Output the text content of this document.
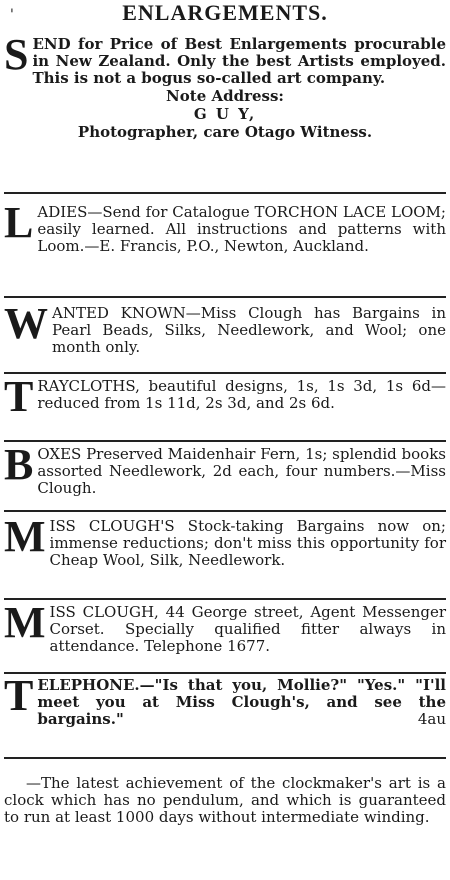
'	ENLARGEMENTS.

SEND for Price of Best Enlargements procurable in New Zealand. Only the best Artists employed. This is not a bogus so-called art company.

Note Address:

G U Y,

Photographer, care Otago Witness.

LADIES—Send for Catalogue TORCHON LACE LOOM; easily learned. All instructions and patterns with Loom.—E. Francis, P.O., Newton, Auckland.

WANTED KNOWN—Miss Clough has Bargains in Pearl Beads, Silks, Needlework, and Wool; one month only.

TRAYCLOTHS, beautiful designs, 1s, 1s 3d, 1s 6d—reduced from 1s 11d, 2s 3d, and 2s 6d.

BOXES Preserved Maidenhair Fern, 1s; splendid books assorted Needlework, 2d each, four numbers.—Miss Clough.

MISS CLOUGH'S Stock-taking Bargains now on; immense reductions; don't miss this opportunity for Cheap Wool, Silk, Needlework.

MISS CLOUGH, 44 George street, Agent Messenger Corset. Specially qualified fitter always in attendance. Telephone 1677.

TELEPHONE.—"Is that you, Mollie?" "Yes." "I'll meet you at Miss Clough's, and see the bargains."	4au

—The latest achievement of the clockmaker's art is a clock which has no pendulum, and which is guaranteed to run at least 1000 days without intermediate winding.
